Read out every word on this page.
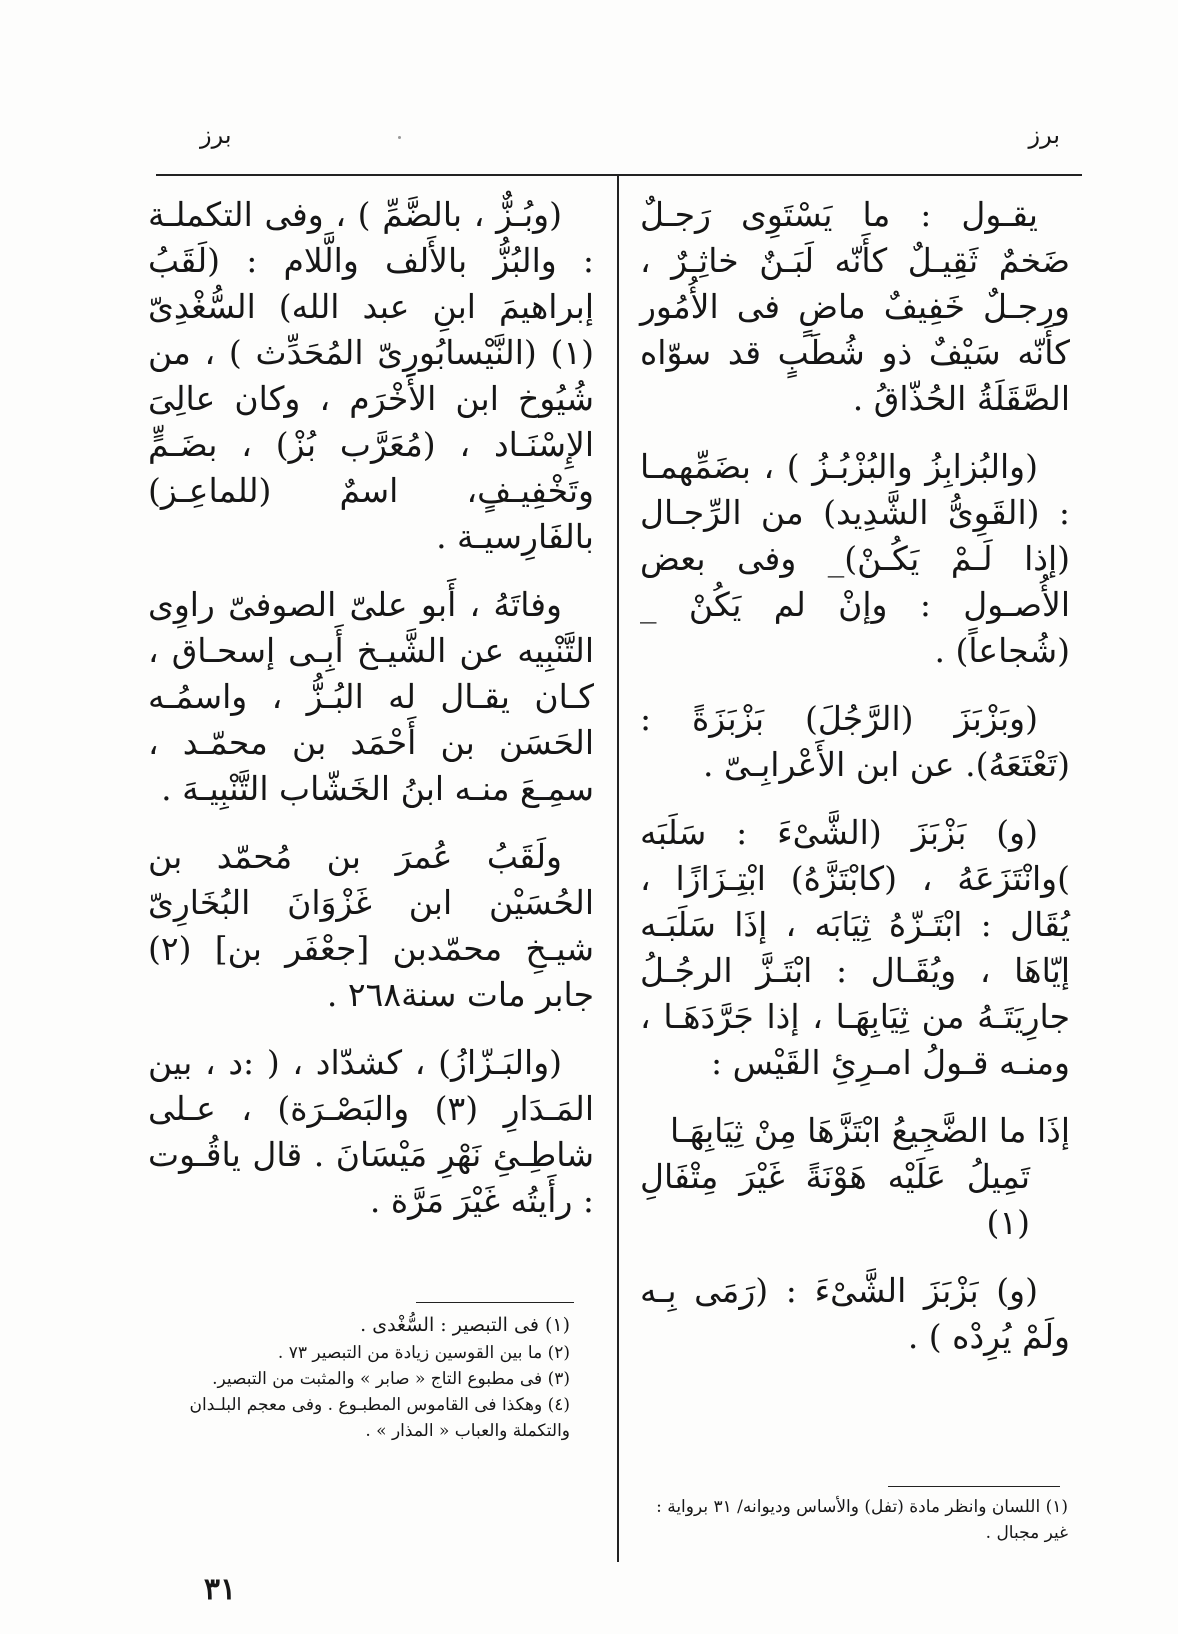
برز
برز

يقـول : ما يَسْتَوِى رَجـلٌ ضَخمٌ ثَقِيـلٌ كأَنّه لَبَـنٌ خاثِـرٌ ، ورجـلٌ خَفِيفٌ ماضٍ فى الأُمُور كأَنّه سَيْفٌ ذو شُطَبٍ قد سوّاه الصَّقَلَةُ الحُذّاقُ .

(والبُزابِزُ والبُزْبُـزُ ) ، بضَمِّهمـا : (القَوِىُّ الشَّدِيد) من الرِّجـال (إذا لَـمْ يَكُـنْ)_ وفى بعض الأُصـول : وإنْ لم يَكُنْ _ (شُجاعاً) .

(وبَزْبَزَ (الرَّجُلَ) بَزْبَزَةً : (تَعْتَعَهُ). عن ابن الأَعْرابِـىّ .

(و) بَزْبَزَ (الشَّىْءَ : سَلَبَه )وانْتَزَعَهُ ، (كابْتَزَّهُ) ابْتِـزَازًا ، يُقَال : ابْتَـزّهُ ثِيَابَه ، إذَا سَلَبَـه إيّاهَا ، ويُقَـال : ابْتَـزَّ الرجُـلُ جارِيَتَـهُ من ثِيَابِهَـا ، إذا جَرَّدَهَـا ، ومنـه قـولُ امـرِئِ القَيْس :

إذَا ما الضَّجِيعُ ابْتَزَّهَا مِنْ ثِيَابِهَـا
تَمِيلُ عَلَيْه هَوْنَةً غَيْرَ مِتْفَالِ (١)

(و) بَزْبَزَ الشَّىْءَ : (رَمَى بِـه ولَمْ يُرِدْه ) .

(وبُـزٌّ ، بالضَّمِّ ) ، وفى التكملـة : والبُزُّ بالأَلف والَّلام : (لَقَبُ إبراهيمَ ابنِ عبد الله) السُّغْدِىّ (١) (النَّيْسابُورِىّ المُحَدِّث ) ، من شُيُوخ ابن الأَخْرَم ، وكان عالِىَ الإِسْنَـاد ، (مُعَرَّب بُزْ) ، بضَـمٍّ وتَخْفِيـفٍ، اسمٌ (للماعِـز) بالفَارِسيـة .

وفاتَهُ ، أَبو علىّ الصوفىّ راوِى التَّنْبِيه عن الشَّيـخ أَبِـى إسحـاق ، كـان يقـال له البُـزُّ ، واسمُـه الحَسَن بن أَحْمَد بن محمّـد ، سمِـعَ منـه ابنُ الخَشّاب التَّنْبِيـهَ .

ولَقَبُ عُمرَ بن مُحمّد بن الحُسَيْن ابن غَزْوَانَ البُخَارِىّ شيـخِ محمّدبن [جعْفَر بن] (٢) جابر مات سنة٢٦٨ .

(والبَـزّازُ) ، كشدّاد ، ( :د ، بين المَـدَارِ (٣) والبَصْـرَة) ، عـلى شاطِـئِ نَهْرِ مَيْسَانَ . قال ياقُـوت : رأَيتُه غَيْرَ مَرَّة .

(١) فى التبصير : السُّغْدى .
(٢) ما بين القوسين زيادة من التبصير ٧٣ .
(٣) فى مطبوع التاج « صابر » والمثبت من التبصير.
(٤) وهكذا فى القاموس المطبـوع . وفى معجم البلـدان والتكملة والعباب « المذار » .
(١) اللسان وانظر مادة (تفل) والأساس وديوانه/ ٣١ برواية : غير مجبال .
٣١
